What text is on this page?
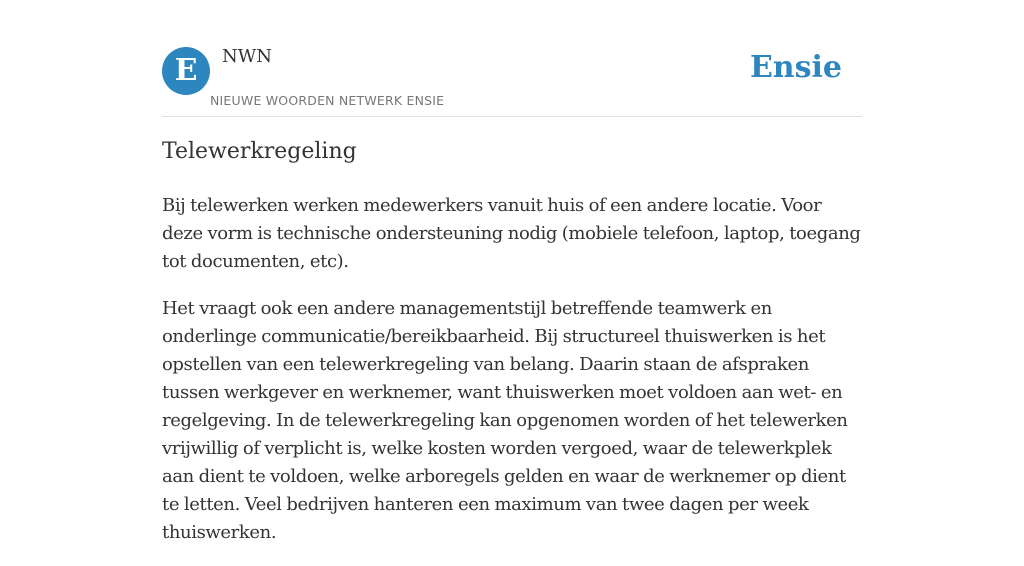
E	NWN
NIEUWE WOORDEN NETWERK ENSIE
Ensie
Telewerkregeling

Bij telewerken werken medewerkers vanuit huis of een andere locatie. Voor deze vorm is technische ondersteuning nodig (mobiele telefoon, laptop, toegang tot documenten, etc).

Het vraagt ook een andere managementstijl betreffende teamwerk en onderlinge communicatie/bereikbaarheid. Bij structureel thuiswerken is het opstellen van een telewerkregeling van belang. Daarin staan de afspraken tussen werkgever en werknemer, want thuiswerken moet voldoen aan wet- en regelgeving. In de telewerkregeling kan opgenomen worden of het telewerken vrijwillig of verplicht is, welke kosten worden vergoed, waar de telewerkplek aan dient te voldoen, welke arboregels gelden en waar de werknemer op dient te letten. Veel bedrijven hanteren een maximum van twee dagen per week thuiswerken.
